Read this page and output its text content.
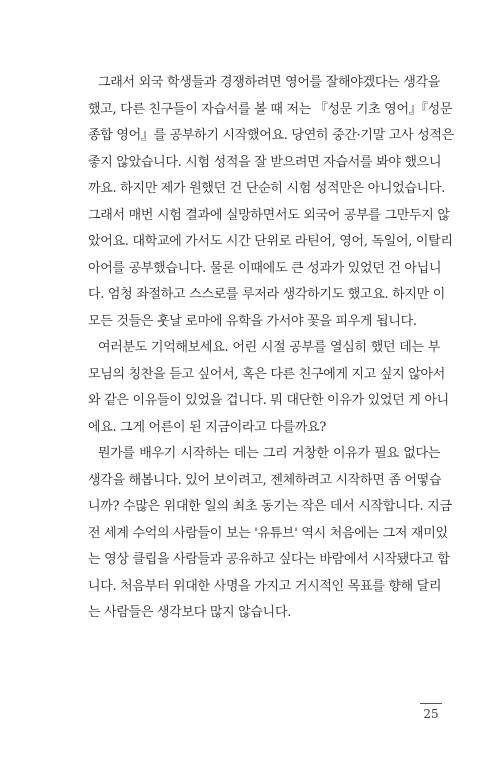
그래서 외국 학생들과 경쟁하려면 영어를 잘해야겠다는 생각을
했고, 다른 친구들이 자습서를 볼 때 저는 『성문 기초 영어』『성문
종합 영어』를 공부하기 시작했어요. 당연히 중간·기말 고사 성적은
좋지 않았습니다. 시험 성적을 잘 받으려면 자습서를 봐야 했으니
까요. 하지만 제가 원했던 건 단순히 시험 성적만은 아니었습니다.
그래서 매번 시험 결과에 실망하면서도 외국어 공부를 그만두지 않
았어요. 대학교에 가서도 시간 단위로 라틴어, 영어, 독일어, 이탈리
아어를 공부했습니다. 물론 이때에도 큰 성과가 있었던 건 아닙니
다. 엄청 좌절하고 스스로를 루저라 생각하기도 했고요. 하지만 이
모든 것들은 훗날 로마에 유학을 가서야 꽃을 피우게 됩니다.
여러분도 기억해보세요. 어린 시절 공부를 열심히 했던 데는 부
모님의 칭찬을 듣고 싶어서, 혹은 다른 친구에게 지고 싶지 않아서
와 같은 이유들이 있었을 겁니다. 뭐 대단한 이유가 있었던 게 아니
에요. 그게 어른이 된 지금이라고 다를까요?
뭔가를 배우기 시작하는 데는 그리 거창한 이유가 필요 없다는
생각을 해봅니다. 있어 보이려고, 젠체하려고 시작하면 좀 어떻습
니까? 수많은 위대한 일의 최초 동기는 작은 데서 시작합니다. 지금
전 세계 수억의 사람들이 보는 '유튜브' 역시 처음에는 그저 재미있
는 영상 클립을 사람들과 공유하고 싶다는 바람에서 시작됐다고 합
니다. 처음부터 위대한 사명을 가지고 거시적인 목표를 향해 달리
는 사람들은 생각보다 많지 않습니다.
25
